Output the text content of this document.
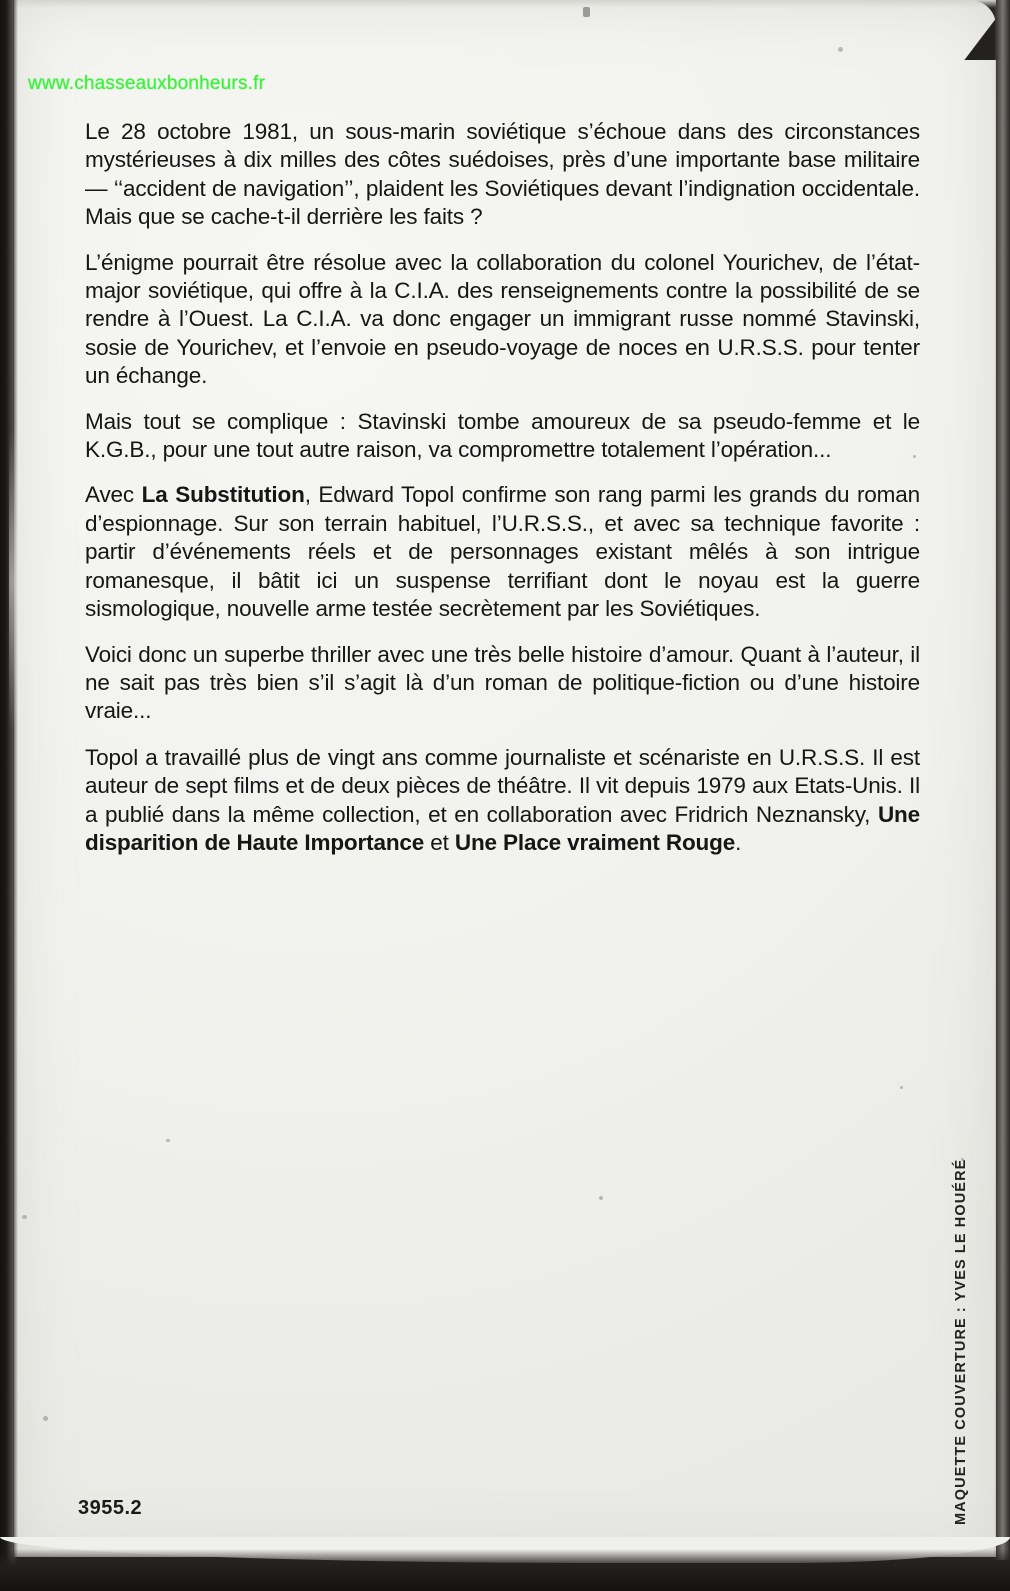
www.chasseauxbonheurs.fr

Le 28 octobre 1981, un sous-marin soviétique s’échoue dans des circonstances mystérieuses à dix milles des côtes suédoises, près d’une importante base militaire — ‘‘accident de navigation’’, plaident les Soviétiques devant l’indignation occidentale. Mais que se cache-t-il derrière les faits ?

L’énigme pourrait être résolue avec la collaboration du colonel Yourichev, de l’état-major soviétique, qui offre à la C.I.A. des renseignements contre la possibilité de se rendre à l’Ouest. La C.I.A. va donc engager un immigrant russe nommé Stavinski, sosie de Yourichev, et l’envoie en pseudo-voyage de noces en U.R.S.S. pour tenter un échange.

Mais tout se complique : Stavinski tombe amoureux de sa pseudo-femme et le K.G.B., pour une tout autre raison, va compromettre totalement l’opération...

Avec La Substitution, Edward Topol confirme son rang parmi les grands du roman d’espionnage. Sur son terrain habituel, l’U.R.S.S., et avec sa technique favorite : partir d’événements réels et de personnages existant mêlés à son intrigue romanesque, il bâtit ici un suspense terrifiant dont le noyau est la guerre sismologique, nouvelle arme testée secrètement par les Soviétiques.

Voici donc un superbe thriller avec une très belle histoire d’amour. Quant à l’auteur, il ne sait pas très bien s’il s’agit là d’un roman de politique-fiction ou d’une histoire vraie...

Topol a travaillé plus de vingt ans comme journaliste et scénariste en U.R.S.S. Il est auteur de sept films et de deux pièces de théâtre. Il vit depuis 1979 aux Etats-Unis. Il a publié dans la même collection, et en collaboration avec Fridrich Neznansky, Une disparition de Haute Importance et Une Place vraiment Rouge.

3955.2	MAQUETTE COUVERTURE : YVES LE HOUÉRÉ
